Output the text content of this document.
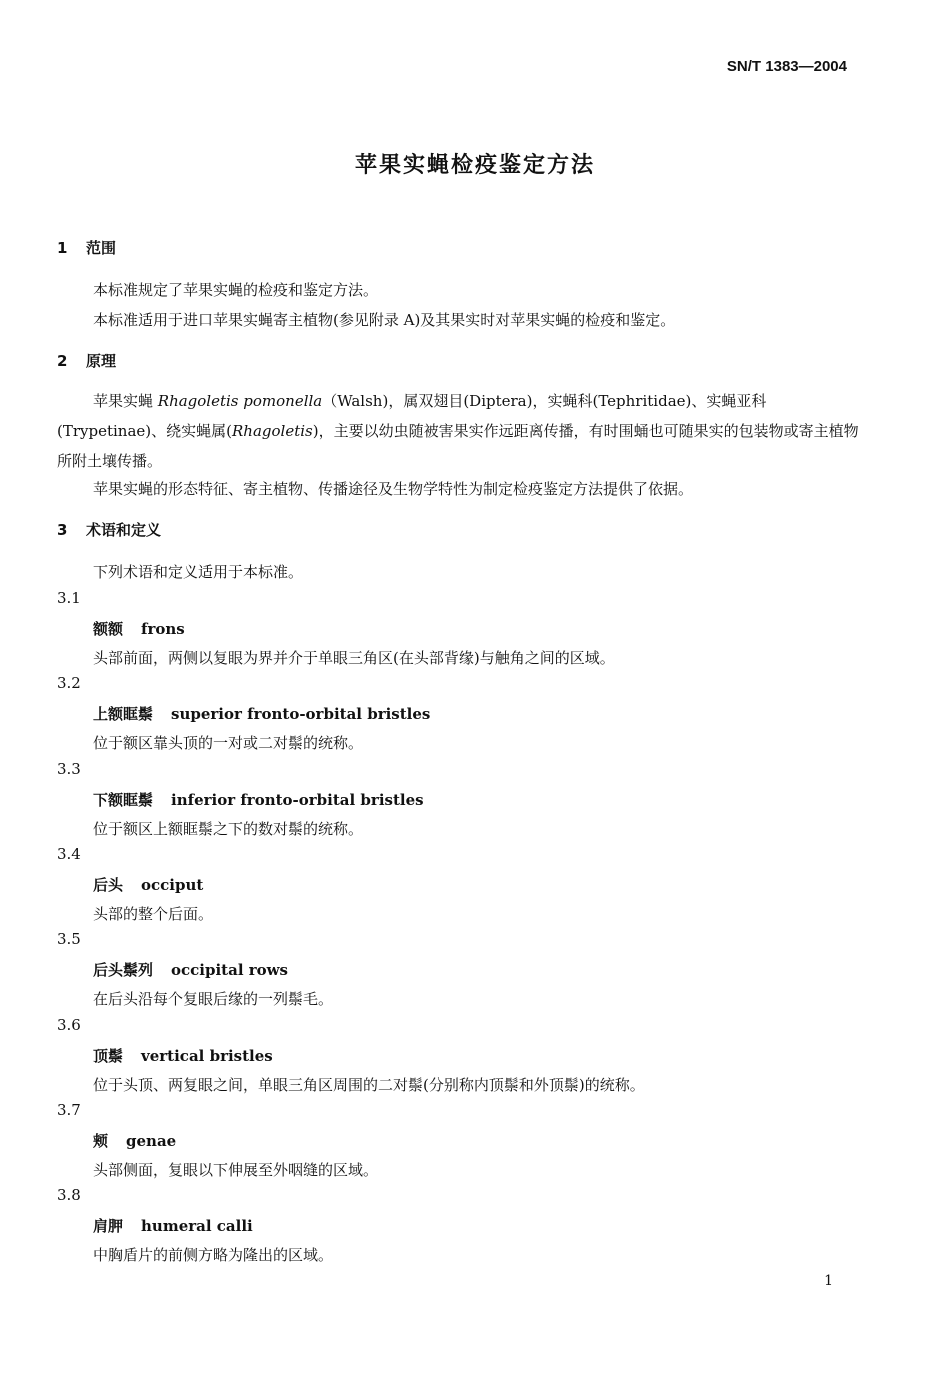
SN/T 1383—2004
苹果实蝇检疫鉴定方法
1 范围
本标准规定了苹果实蝇的检疫和鉴定方法。
本标准适用于进口苹果实蝇寄主植物(参见附录 A)及其果实时对苹果实蝇的检疫和鉴定。
2 原理
苹果实蝇 Rhagoletis pomonella（Walsh)，属双翅目(Diptera)，实蝇科(Tephritidae)、实蝇亚科(Trypetinae)、绕实蝇属(Rhagoletis)，主要以幼虫随被害果实作远距离传播，有时围蛹也可随果实的包装物或寄主植物所附土壤传播。
苹果实蝇的形态特征、寄主植物、传播途径及生物学特性为制定检疫鉴定方法提供了依据。
3 术语和定义
下列术语和定义适用于本标准。
3.1
额额 frons
头部前面，两侧以复眼为界并介于单眼三角区(在头部背缘)与触角之间的区域。
3.2
上额眶鬃 superior fronto-orbital bristles
位于额区靠头顶的一对或二对鬃的统称。
3.3
下额眶鬃 inferior fronto-orbital bristles
位于额区上额眶鬃之下的数对鬃的统称。
3.4
后头 occiput
头部的整个后面。
3.5
后头鬃列 occipital rows
在后头沿每个复眼后缘的一列鬃毛。
3.6
顶鬃 vertical bristles
位于头顶、两复眼之间，单眼三角区周围的二对鬃(分别称内顶鬃和外顶鬃)的统称。
3.7
颊 genae
头部侧面，复眼以下伸展至外咽缝的区域。
3.8
肩胛 humeral calli
中胸盾片的前侧方略为隆出的区域。
1
